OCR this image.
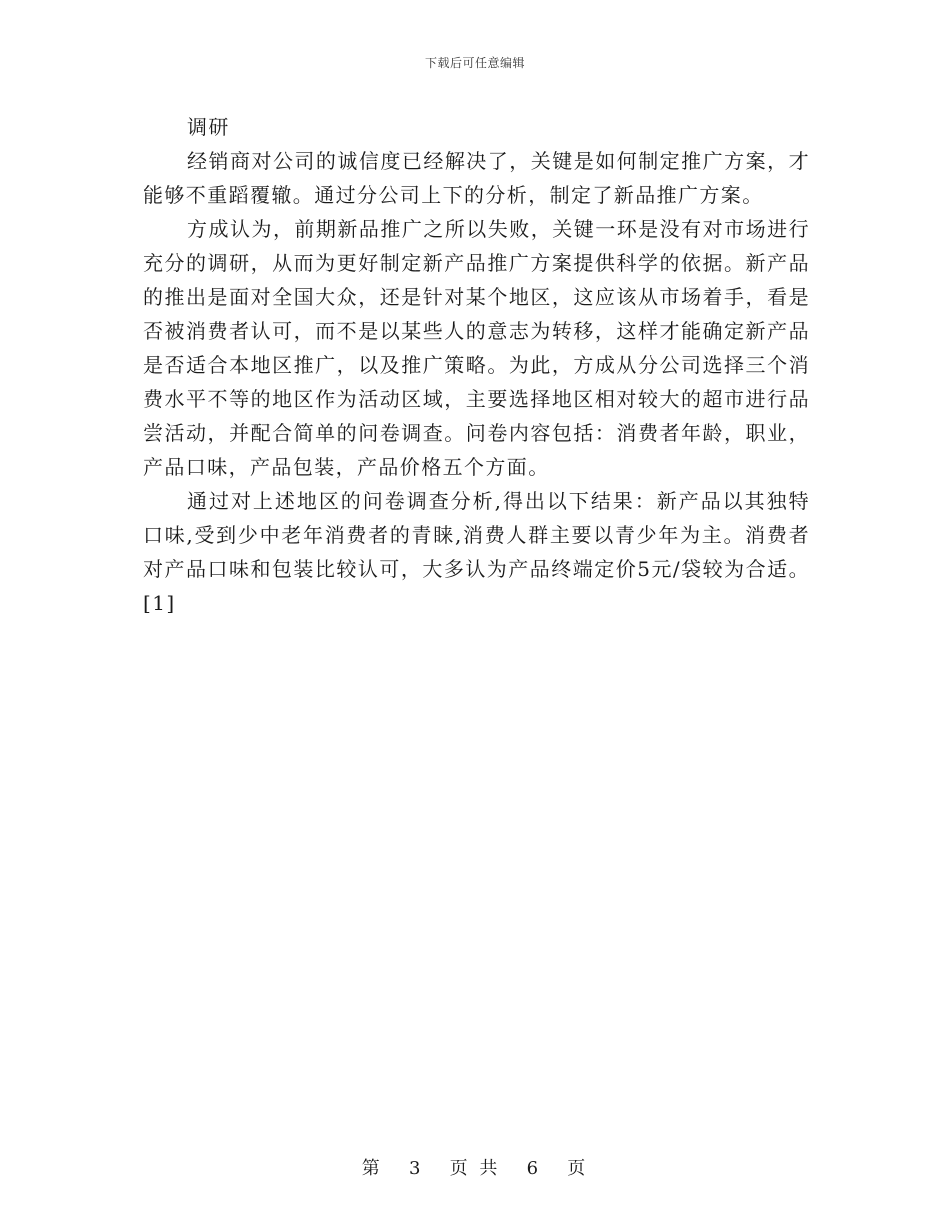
下载后可任意编辑

调研

经销商对公司的诚信度已经解决了，关键是如何制定推广方案，才能够不重蹈覆辙。通过分公司上下的分析，制定了新品推广方案。

方成认为，前期新品推广之所以失败，关键一环是没有对市场进行充分的调研，从而为更好制定新产品推广方案提供科学的依据。新产品的推出是面对全国大众，还是针对某个地区，这应该从市场着手，看是否被消费者认可，而不是以某些人的意志为转移，这样才能确定新产品是否适合本地区推广，以及推广策略。为此，方成从分公司选择三个消费水平不等的地区作为活动区域，主要选择地区相对较大的超市进行品尝活动，并配合简单的问卷调查。问卷内容包括：消费者年龄，职业，产品口味，产品包装，产品价格五个方面。

通过对上述地区的问卷调查分析,得出以下结果：新产品以其独特口味,受到少中老年消费者的青睐,消费人群主要以青少年为主。消费者对产品口味和包装比较认可，大多认为产品终端定价5元/袋较为合适。[1]

第 3 页 共 6 页
